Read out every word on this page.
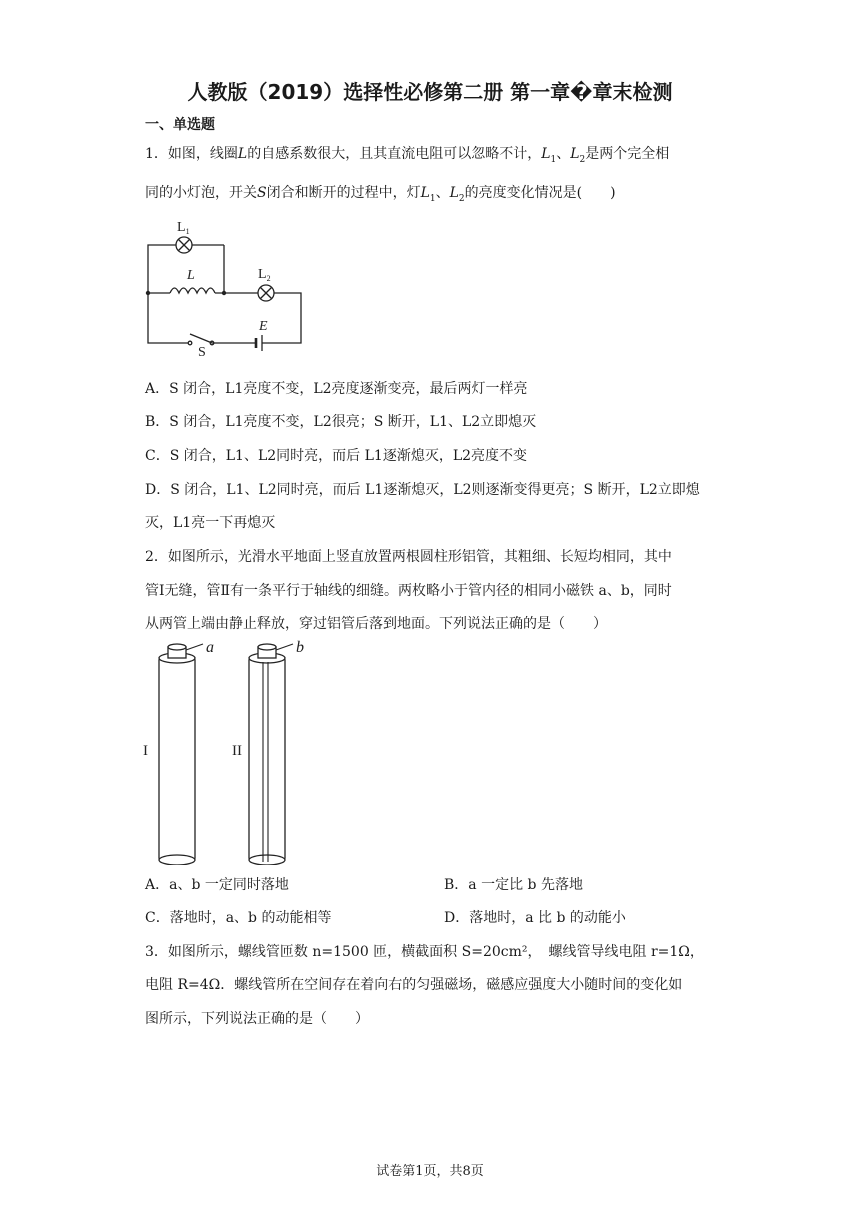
人教版（2019）选择性必修第二册 第一章�章末检测
一、单选题
1．如图，线圈L的自感系数很大，且其直流电阻可以忽略不计，$L_1$、$L_2$是两个完全相
同的小灯泡，开关S闭合和断开的过程中，灯$L_1$、$L_2$的亮度变化情况是(　　)
$L_1$
L	$L_2$
E
S
A．S 闭合，L1亮度不变，L2亮度逐渐变亮，最后两灯一样亮
B．S 闭合，L1亮度不变，L2很亮；S 断开，L1、L2立即熄灭
C．S 闭合，L1、L2同时亮，而后 L1逐渐熄灭，L2亮度不变
D．S 闭合，L1、L2同时亮，而后 L1逐渐熄灭，L2则逐渐变得更亮；S 断开，L2立即熄
灭，L1亮一下再熄灭
2．如图所示，光滑水平地面上竖直放置两根圆柱形铝管，其粗细、长短均相同，其中
管Ⅰ无缝，管Ⅱ有一条平行于轴线的细缝。两枚略小于管内径的相同小磁铁 a、b，同时
从两管上端由静止释放，穿过铝管后落到地面。下列说法正确的是（　　）
a	b
I	II
A．a、b 一定同时落地	B．a 一定比 b 先落地
C．落地时，a、b 的动能相等	D．落地时，a 比 b 的动能小
3．如图所示，螺线管匝数 n=1500 匝，横截面积 S=20cm²，　螺线管导线电阻 r=1Ω，
电阻 R=4Ω．螺线管所在空间存在着向右的匀强磁场，磁感应强度大小随时间的变化如
图所示，下列说法正确的是（　　）
试卷第1页，共8页
